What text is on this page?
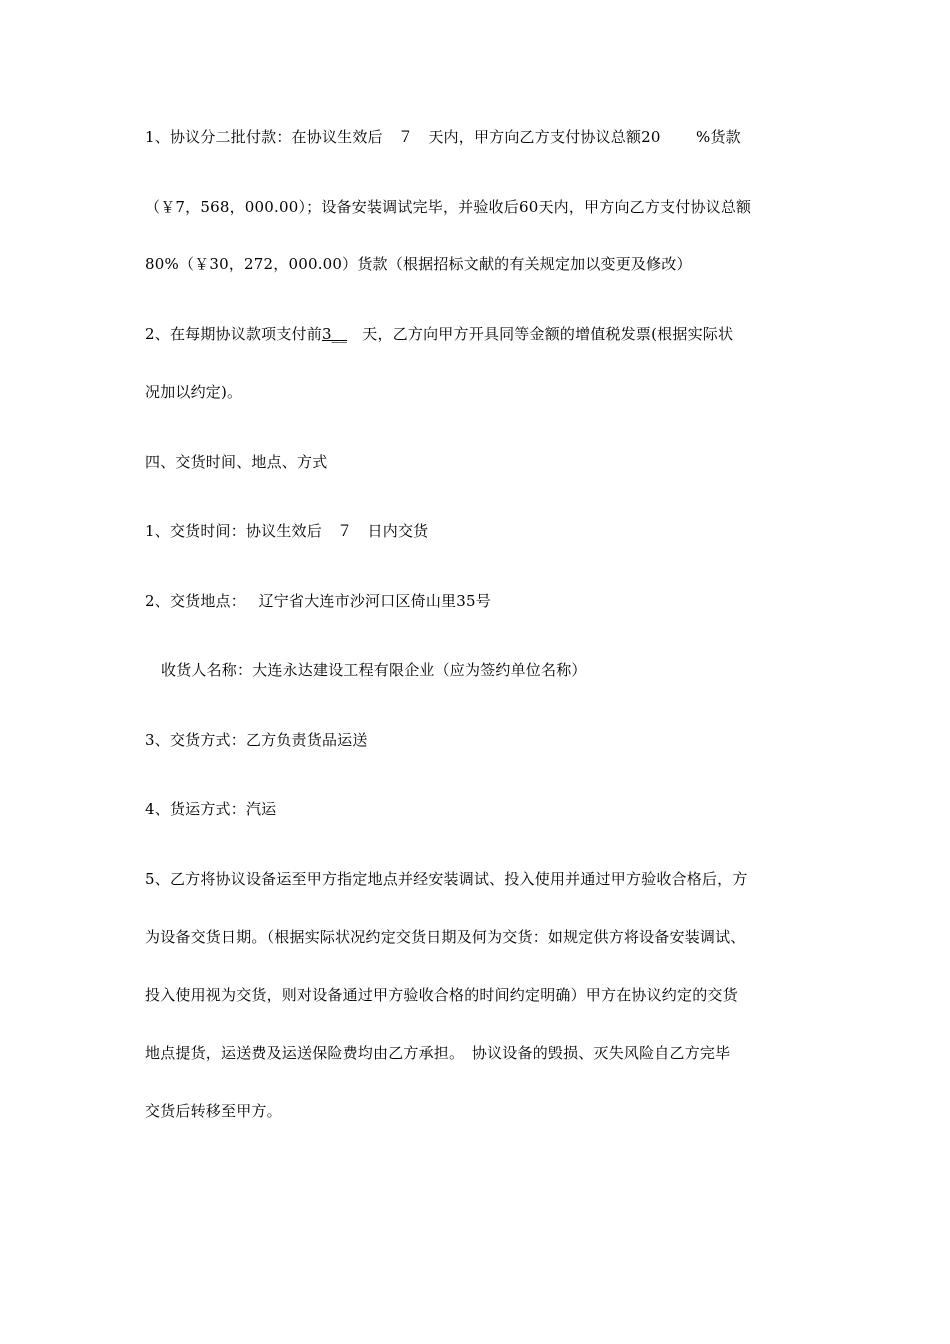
1、协议分二批付款：在协议生效后　７　天内，甲方向乙方支付协议总额20　　 %货款
（￥7，568，000.00）；设备安装调试完毕，并验收后60天内，甲方向乙方支付协议总额
80%（￥30，272，000.00）货款（根据招标文献的有关规定加以变更及修改）
2、在每期协议款项支付前3__　天，乙方向甲方开具同等金额的增值税发票(根据实际状
况加以约定)。
四、交货时间、地点、方式
1、交货时间：协议生效后　７　日内交货
2、交货地点：　 辽宁省大连市沙河口区倚山里35号
收货人名称：大连永达建设工程有限企业（应为签约单位名称）
3、交货方式：乙方负责货品运送
4、货运方式：汽运
5、乙方将协议设备运至甲方指定地点并经安装调试、投入使用并通过甲方验收合格后，方
为设备交货日期。（根据实际状况约定交货日期及何为交货：如规定供方将设备安装调试、
投入使用视为交货，则对设备通过甲方验收合格的时间约定明确）甲方在协议约定的交货
地点提货，运送费及运送保险费均由乙方承担。　协议设备的毁损、灭失风险自乙方完毕
交货后转移至甲方。
